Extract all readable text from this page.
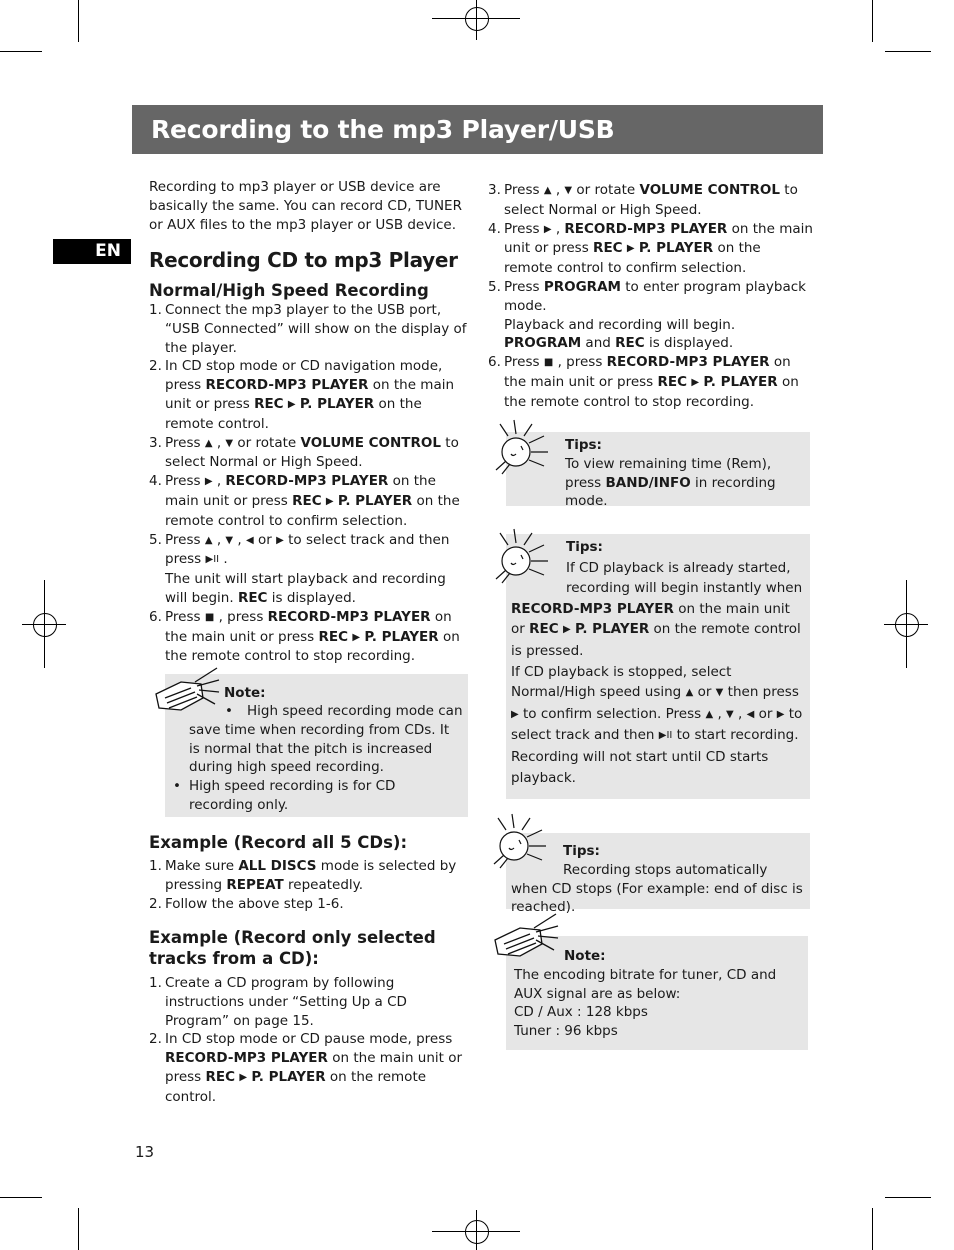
Recording to the mp3 Player/USB
EN
Recording to mp3 player or USB device are basically the same. You can record CD, TUNER or AUX files to the mp3 player or USB device.
Recording CD to mp3 Player
Normal/High Speed Recording
1. Connect the mp3 player to the USB port, “USB Connected” will show on the display of the player.
2. In CD stop mode or CD navigation mode, press RECORD-MP3 PLAYER on the main unit or press REC ▶ P. PLAYER on the remote control.
3. Press ▲ , ▼ or rotate VOLUME CONTROL to select Normal or High Speed.
4. Press ▶ , RECORD-MP3 PLAYER on the main unit or press REC ▶ P. PLAYER on the remote control to confirm selection.
5. Press ▲ , ▼ , ◀ or ▶ to select track and then press ▶II .
The unit will start playback and recording will begin. REC is displayed.
6. Press ■ , press RECORD-MP3 PLAYER on the main unit or press REC ▶ P. PLAYER on the remote control to stop recording.
Note:
• High speed recording mode can save time when recording from CDs. It is normal that the pitch is increased during high speed recording.
• High speed recording is for CD recording only.
Example (Record all 5 CDs):
1. Make sure ALL DISCS mode is selected by pressing REPEAT repeatedly.
2. Follow the above step 1-6.
Example (Record only selected tracks from a CD):
1. Create a CD program by following instructions under “Setting Up a CD Program” on page 15.
2. In CD stop mode or CD pause mode, press RECORD-MP3 PLAYER on the main unit or press REC ▶ P. PLAYER on the remote control.
3. Press ▲ , ▼ or rotate VOLUME CONTROL to select Normal or High Speed.
4. Press ▶ , RECORD-MP3 PLAYER on the main unit or press REC ▶ P. PLAYER on the remote control to confirm selection.
5. Press PROGRAM to enter program playback mode.
Playback and recording will begin. PROGRAM and REC is displayed.
6. Press ■ , press RECORD-MP3 PLAYER on the main unit or press REC ▶ P. PLAYER on the remote control to stop recording.
Tips:
To view remaining time (Rem), press BAND/INFO in recording mode.
Tips:
If CD playback is already started, recording will begin instantly when
RECORD-MP3 PLAYER on the main unit or REC ▶ P. PLAYER on the remote control is pressed.
If CD playback is stopped, select Normal/High speed using ▲ or ▼ then press ▶ to confirm selection. Press ▲ , ▼ , ◀ or ▶ to select track and then ▶II to start recording. Recording will not start until CD starts playback.
Tips:
Recording stops automatically when CD stops (For example: end of disc is reached).
Note:
The encoding bitrate for tuner, CD and AUX signal are as below:
CD / Aux : 128 kbps
Tuner : 96 kbps
13
